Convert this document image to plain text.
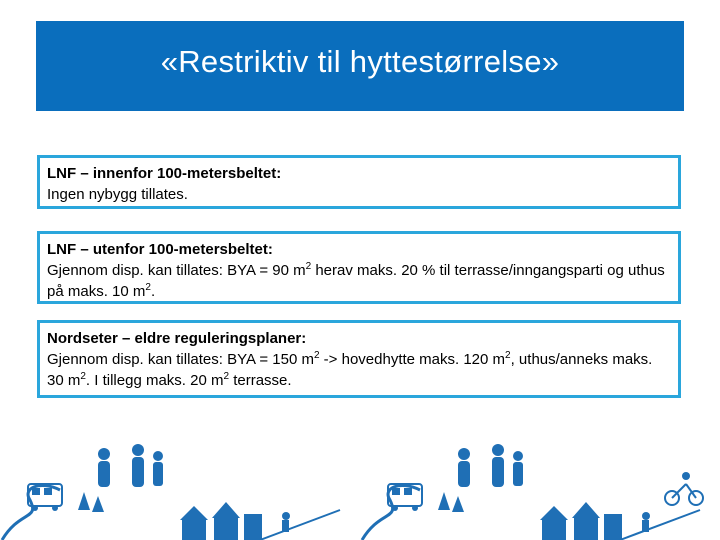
«Restriktiv til hyttestørrelse»
LNF – innenfor 100-metersbeltet:
Ingen nybygg tillates.
LNF – utenfor 100-metersbeltet:
Gjennom disp. kan tillates: BYA = 90 $m^2$ herav maks. 20 % til terrasse/inngangsparti og uthus på maks. 10 $m^2$.
Nordseter – eldre reguleringsplaner:
Gjennom disp. kan tillates: BYA = 150 $m^2$ -> hovedhytte maks. 120 $m^2$, uthus/anneks maks. 30 $m^2$. I tillegg maks. 20 $m^2$ terrasse.
